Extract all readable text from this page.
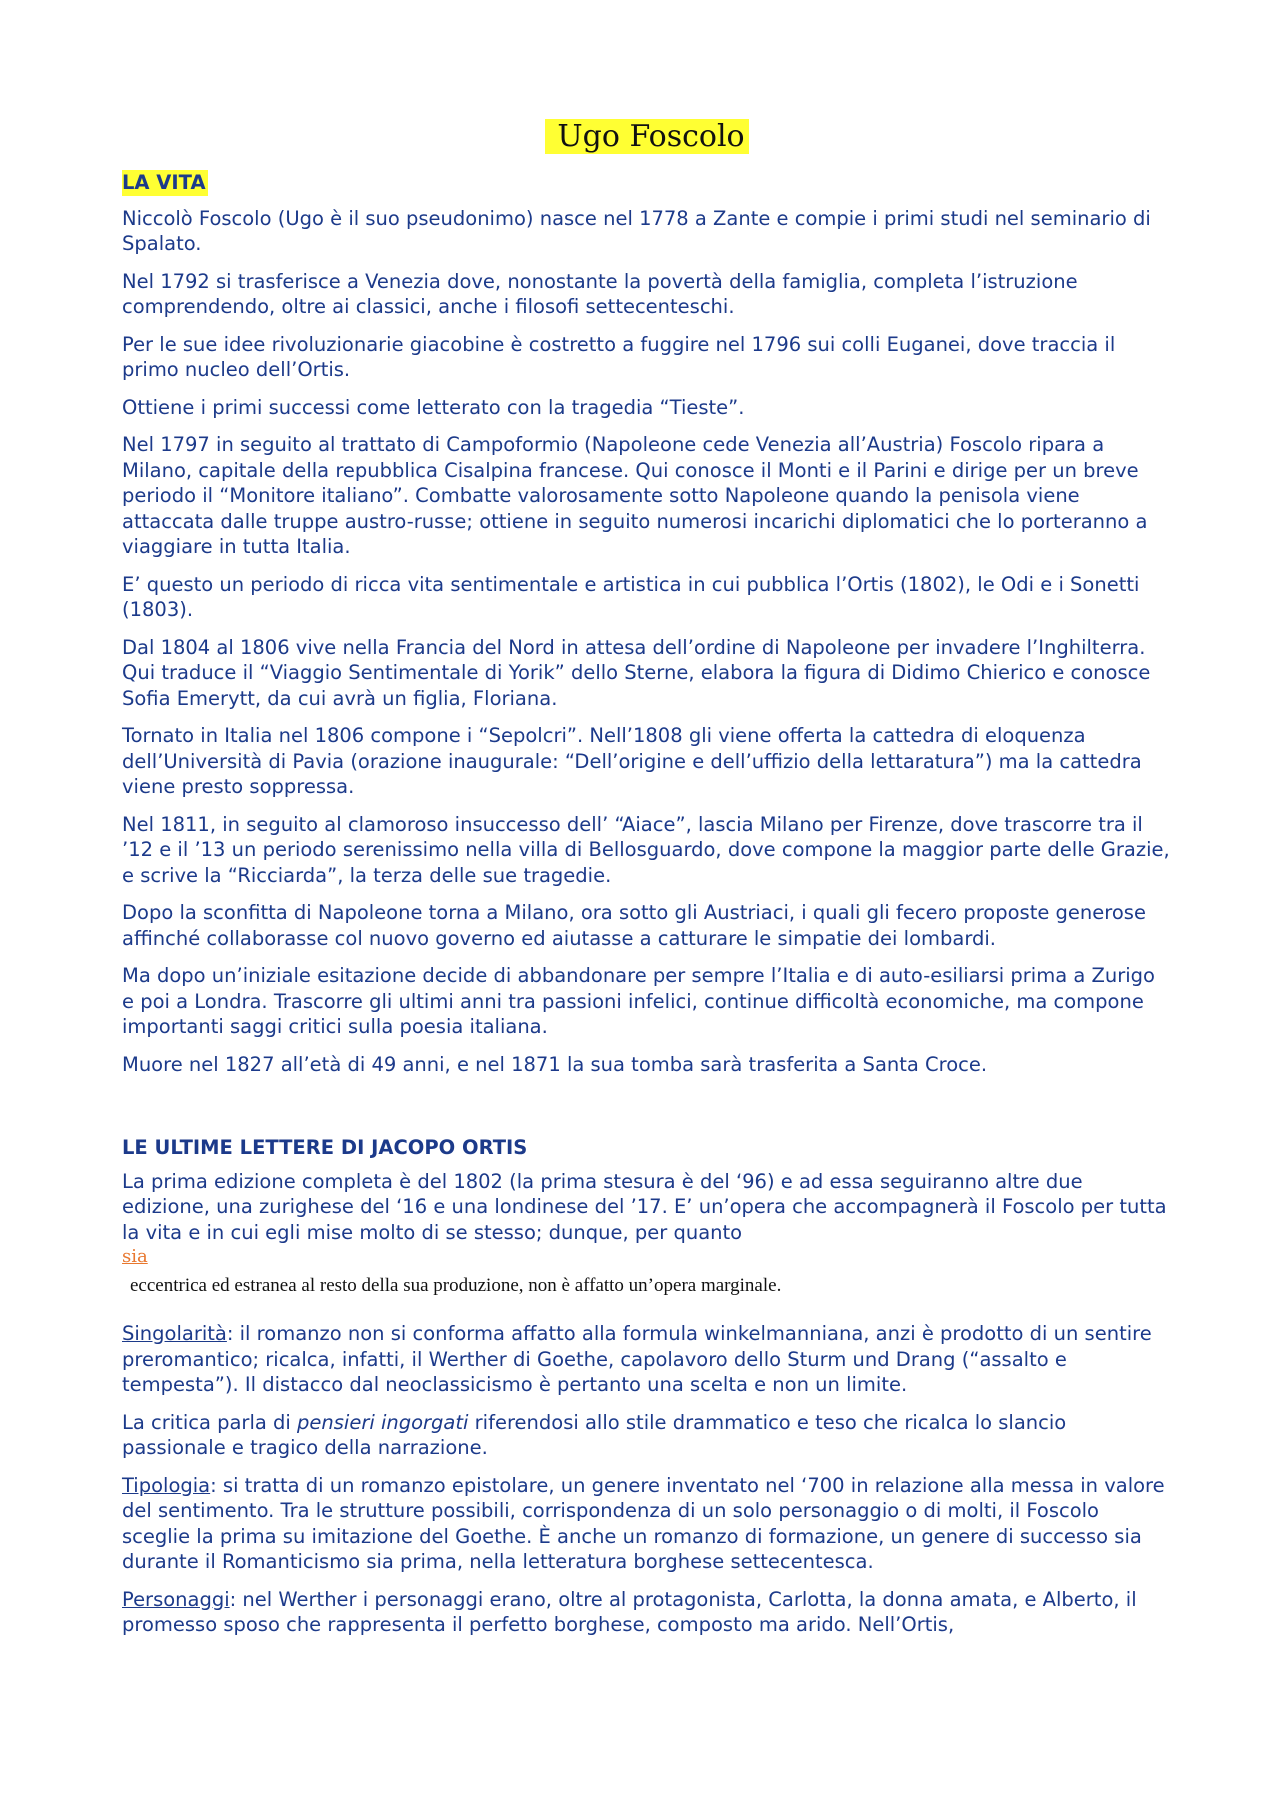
Ugo Foscolo
LA VITA

Niccolò Foscolo (Ugo è il suo pseudonimo) nasce nel 1778 a Zante e compie i primi studi nel seminario di Spalato.

Nel 1792 si trasferisce a Venezia dove, nonostante la povertà della famiglia, completa l’istruzione comprendendo, oltre ai classici, anche i filosofi settecenteschi.

Per le sue idee rivoluzionarie giacobine è costretto a fuggire nel 1796 sui colli Euganei, dove traccia il primo nucleo dell’Ortis.

Ottiene i primi successi come letterato con la tragedia “Tieste”.

Nel 1797 in seguito al trattato di Campoformio (Napoleone cede Venezia all’Austria) Foscolo ripara a Milano, capitale della repubblica Cisalpina francese. Qui conosce il Monti e il Parini e dirige per un breve periodo il “Monitore italiano”. Combatte valorosamente sotto Napoleone quando la penisola viene attaccata dalle truppe austro-russe; ottiene in seguito numerosi incarichi diplomatici che lo porteranno a viaggiare in tutta Italia.

E’ questo un periodo di ricca vita sentimentale e artistica in cui pubblica l’Ortis (1802), le Odi e i Sonetti (1803).

Dal 1804 al 1806 vive nella Francia del Nord in attesa dell’ordine di Napoleone per invadere l’Inghilterra. Qui traduce il “Viaggio Sentimentale di Yorik” dello Sterne, elabora la figura di Didimo Chierico e conosce Sofia Emerytt, da cui avrà un figlia, Floriana.

Tornato in Italia nel 1806 compone i “Sepolcri”. Nell’1808 gli viene offerta la cattedra di eloquenza dell’Università di Pavia (orazione inaugurale: “Dell’origine e dell’uffizio della lettaratura”) ma la cattedra viene presto soppressa.

Nel 1811, in seguito al clamoroso insuccesso dell’ “Aiace”, lascia Milano per Firenze, dove trascorre tra il ’12 e il ’13 un periodo serenissimo nella villa di Bellosguardo, dove compone la maggior parte delle Grazie, e scrive la “Ricciarda”, la terza delle sue tragedie.

Dopo la sconfitta di Napoleone torna a Milano, ora sotto gli Austriaci, i quali gli fecero proposte generose affinché collaborasse col nuovo governo ed aiutasse a catturare le simpatie dei lombardi.

Ma dopo un’iniziale esitazione decide di abbandonare per sempre l’Italia e di auto-esiliarsi prima a Zurigo e poi a Londra. Trascorre gli ultimi anni tra passioni infelici, continue difficoltà economiche, ma compone importanti saggi critici sulla poesia italiana.

Muore nel 1827 all’età di 49 anni, e nel 1871 la sua tomba sarà trasferita a Santa Croce.

LE ULTIME LETTERE DI JACOPO ORTIS

La prima edizione completa è del 1802 (la prima stesura è del ‘96) e ad essa seguiranno altre due edizione, una zurighese del ‘16 e una londinese del ’17. E’ un’opera che accompagnerà il Foscolo per tutta la vita e in cui egli mise molto di se stesso; dunque, per quanto

sia
eccentrica ed estranea al resto della sua produzione, non è affatto un’opera marginale.

Singolarità: il romanzo non si conforma affatto alla formula winkelmanniana, anzi è prodotto di un sentire preromantico; ricalca, infatti, il Werther di Goethe, capolavoro dello Sturm und Drang (“assalto e tempesta”). Il distacco dal neoclassicismo è pertanto una scelta e non un limite.

La critica parla di pensieri ingorgati riferendosi allo stile drammatico e teso che ricalca lo slancio passionale e tragico della narrazione.

Tipologia: si tratta di un romanzo epistolare, un genere inventato nel ‘700 in relazione alla messa in valore del sentimento. Tra le strutture possibili, corrispondenza di un solo personaggio o di molti, il Foscolo sceglie la prima su imitazione del Goethe. È anche un romanzo di formazione, un genere di successo sia durante il Romanticismo sia prima, nella letteratura borghese settecentesca.

Personaggi: nel Werther i personaggi erano, oltre al protagonista, Carlotta, la donna amata, e Alberto, il promesso sposo che rappresenta il perfetto borghese, composto ma arido. Nell’Ortis,
